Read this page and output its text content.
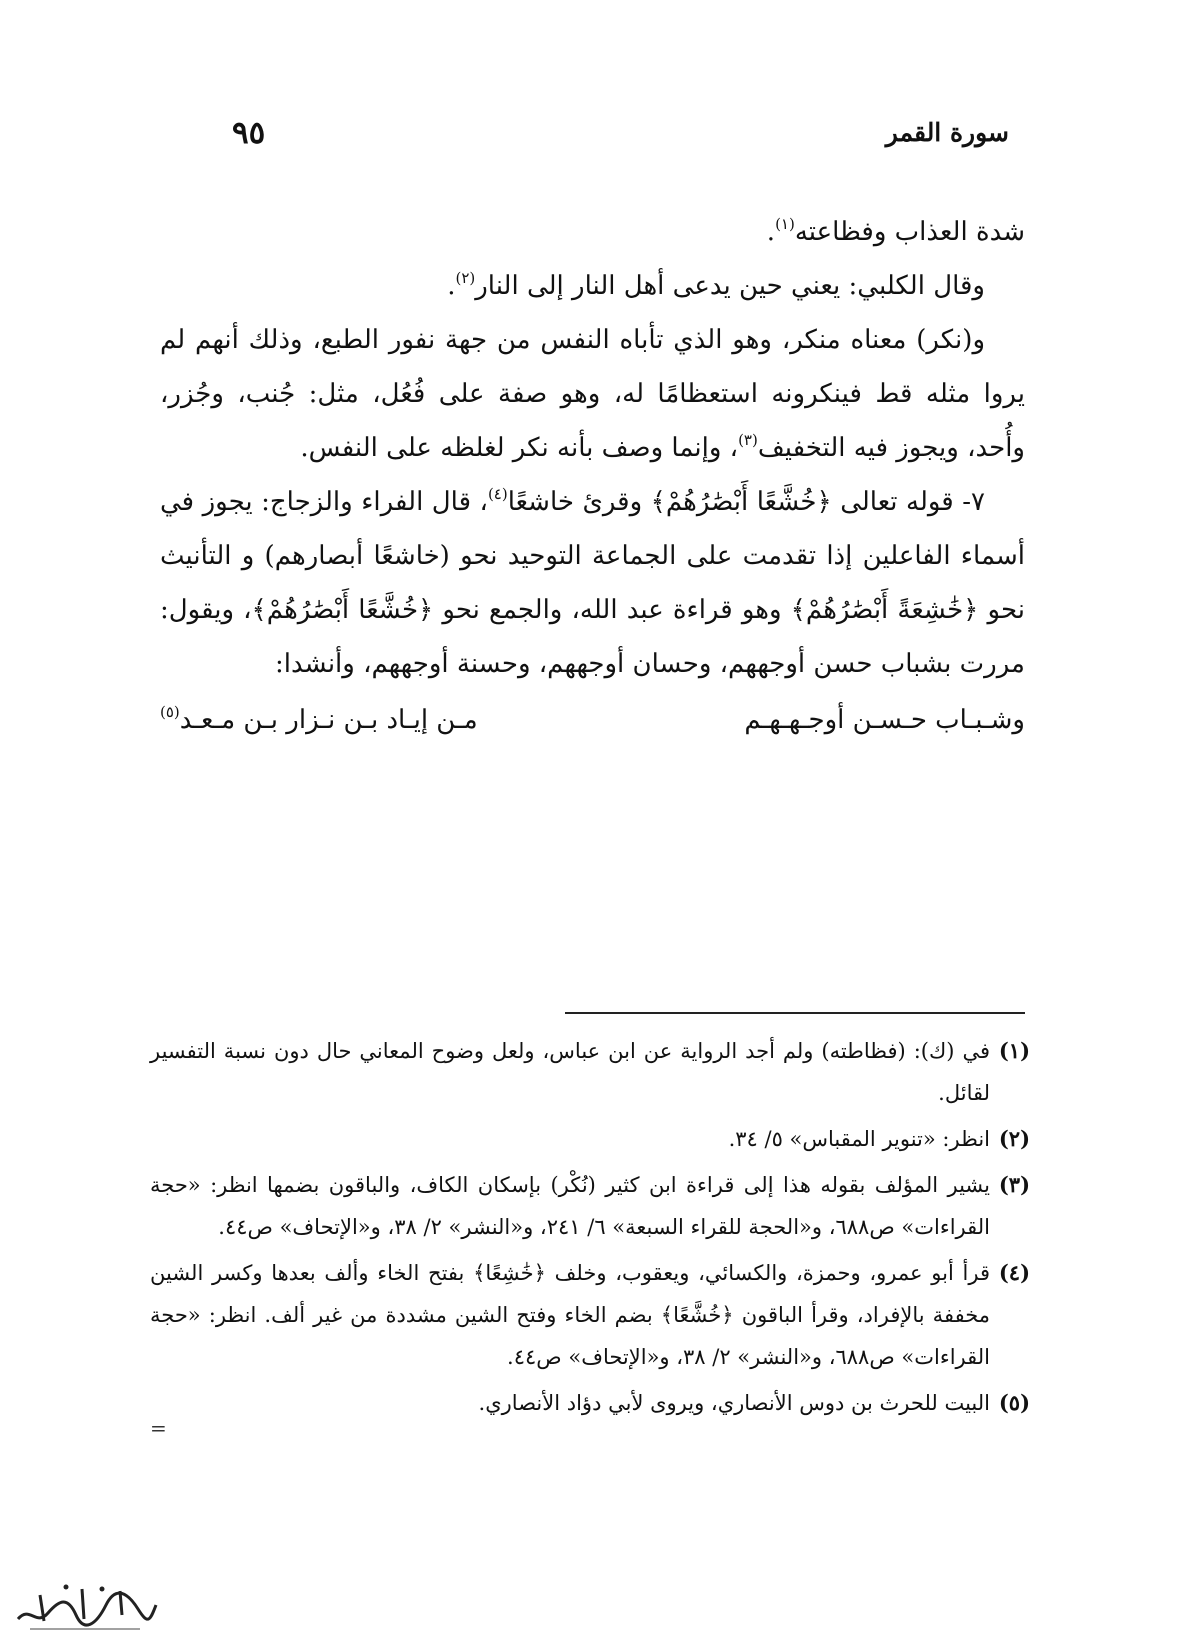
سورة القمر
٩٥

شدة العذاب وفظاعته$^{(١)}$.

وقال الكلبي: يعني حين يدعى أهل النار إلى النار$^{(٢)}$.

و(نكر) معناه منكر، وهو الذي تأباه النفس من جهة نفور الطبع، وذلك أنهم لم يروا مثله قط فينكرونه استعظامًا له، وهو صفة على فُعُل، مثل: جُنب، وجُزر، وأُحد، ويجوز فيه التخفيف$^{(٣)}$، وإنما وصف بأنه نكر لغلظه على النفس.

٧- قوله تعالى ﴿خُشَّعًا أَبْصَٰرُهُمْ﴾ وقرئ خاشعًا$^{(٤)}$، قال الفراء والزجاج: يجوز في أسماء الفاعلين إذا تقدمت على الجماعة التوحيد نحو (خاشعًا أبصارهم) و التأنيث نحو ﴿خَٰشِعَةً أَبْصَٰرُهُمْ﴾ وهو قراءة عبد الله، والجمع نحو ﴿خُشَّعًا أَبْصَٰرُهُمْ﴾، ويقول: مررت بشباب حسن أوجههم، وحسان أوجههم، وحسنة أوجههم، وأنشدا:

وشـبـاب حـسـن أوجـهـهـم
مـن إيـاد بـن نـزار بـن مـعـد$^{(٥)}$
(١)
في (ك): (فظاطته) ولم أجد الرواية عن ابن عباس، ولعل وضوح المعاني حال دون نسبة التفسير لقائل.
(٢)
انظر: «تنوير المقباس» ٥/ ٣٤.
(٣)
يشير المؤلف بقوله هذا إلى قراءة ابن كثير (نُكْر) بإسكان الكاف، والباقون بضمها انظر: «حجة القراءات» ص٦٨٨، و«الحجة للقراء السبعة» ٦/ ٢٤١، و«النشر» ٢/ ٣٨، و«الإتحاف» ص٤٤.
(٤)
قرأ أبو عمرو، وحمزة، والكسائي، ويعقوب، وخلف ﴿خَٰشِعًا﴾ بفتح الخاء وألف بعدها وكسر الشين مخففة بالإفراد، وقرأ الباقون ﴿خُشَّعًا﴾ بضم الخاء وفتح الشين مشددة من غير ألف. انظر: «حجة القراءات» ص٦٨٨، و«النشر» ٢/ ٣٨، و«الإتحاف» ص٤٤.
(٥)
البيت للحرث بن دوس الأنصاري، ويروى لأبي دؤاد الأنصاري.
=
